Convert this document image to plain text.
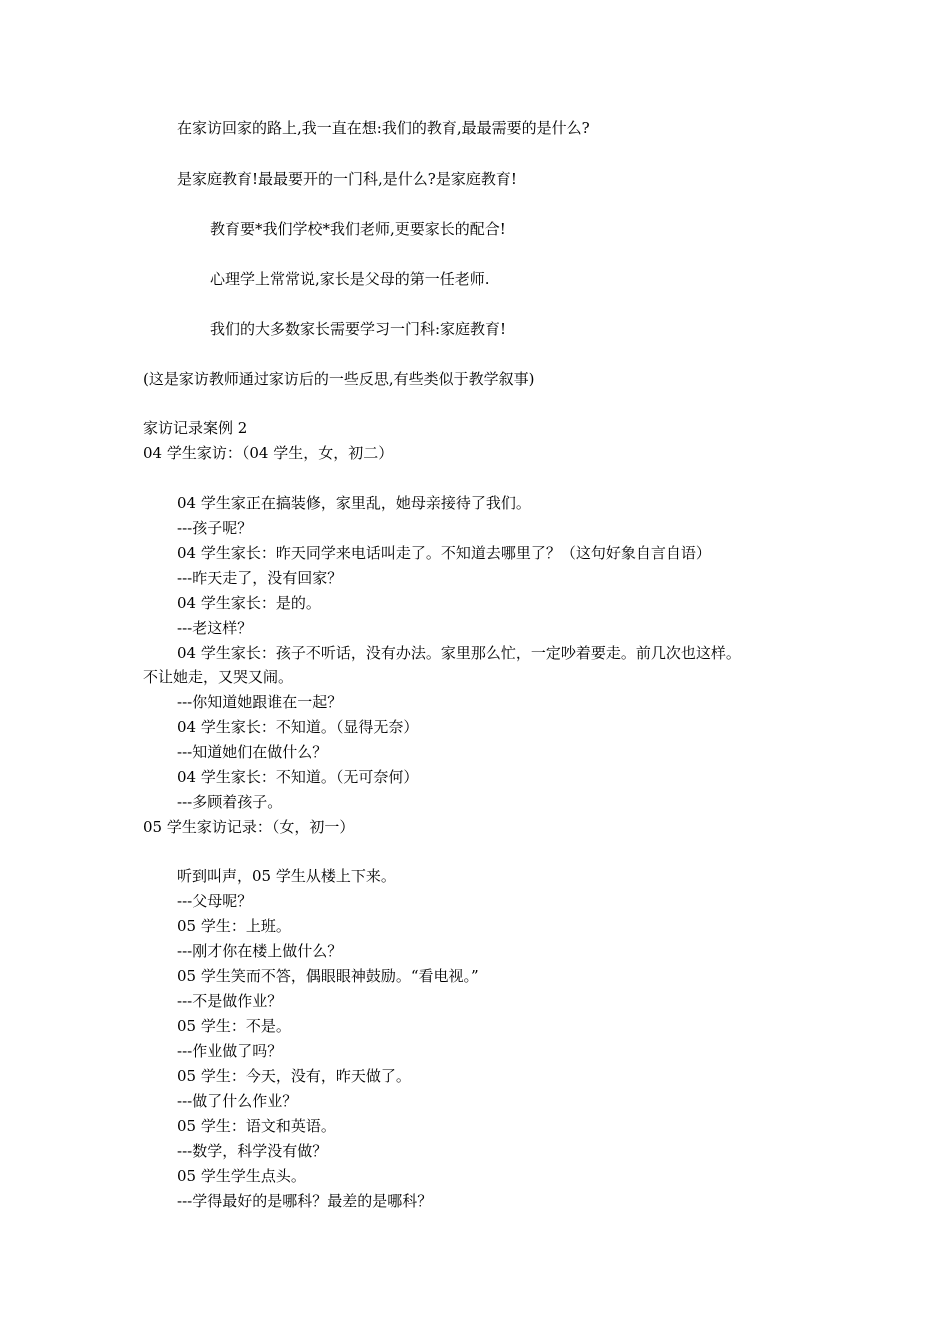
在家访回家的路上,我一直在想:我们的教育,最最需要的是什么?
是家庭教育!最最要开的一门科,是什么?是家庭教育!
教育要*我们学校*我们老师,更要家长的配合!
心理学上常常说,家长是父母的第一任老师.
我们的大多数家长需要学习一门科:家庭教育!
(这是家访教师通过家访后的一些反思,有些类似于教学叙事)
家访记录案例 2
04 学生家访：（04 学生，女，初二）
04 学生家正在搞装修，家里乱，她母亲接待了我们。
---孩子呢？
04 学生家长：昨天同学来电话叫走了。不知道去哪里了？（这句好象自言自语）
---昨天走了，没有回家？
04 学生家长：是的。
---老这样？
04 学生家长：孩子不听话，没有办法。家里那么忙，一定吵着要走。前几次也这样。
不让她走，又哭又闹。
---你知道她跟谁在一起？
04 学生家长：不知道。（显得无奈）
---知道她们在做什么？
04 学生家长：不知道。（无可奈何）
---多顾着孩子。
05 学生家访记录：（女，初一）
听到叫声，05 学生从楼上下来。
---父母呢？
05 学生：上班。
---刚才你在楼上做什么？
05 学生笑而不答，偶眼眼神鼓励。“看电视。”
---不是做作业？
05 学生：不是。
---作业做了吗？
05 学生：今天，没有，昨天做了。
---做了什么作业？
05 学生：语文和英语。
---数学，科学没有做？
05 学生学生点头。
---学得最好的是哪科？最差的是哪科？
